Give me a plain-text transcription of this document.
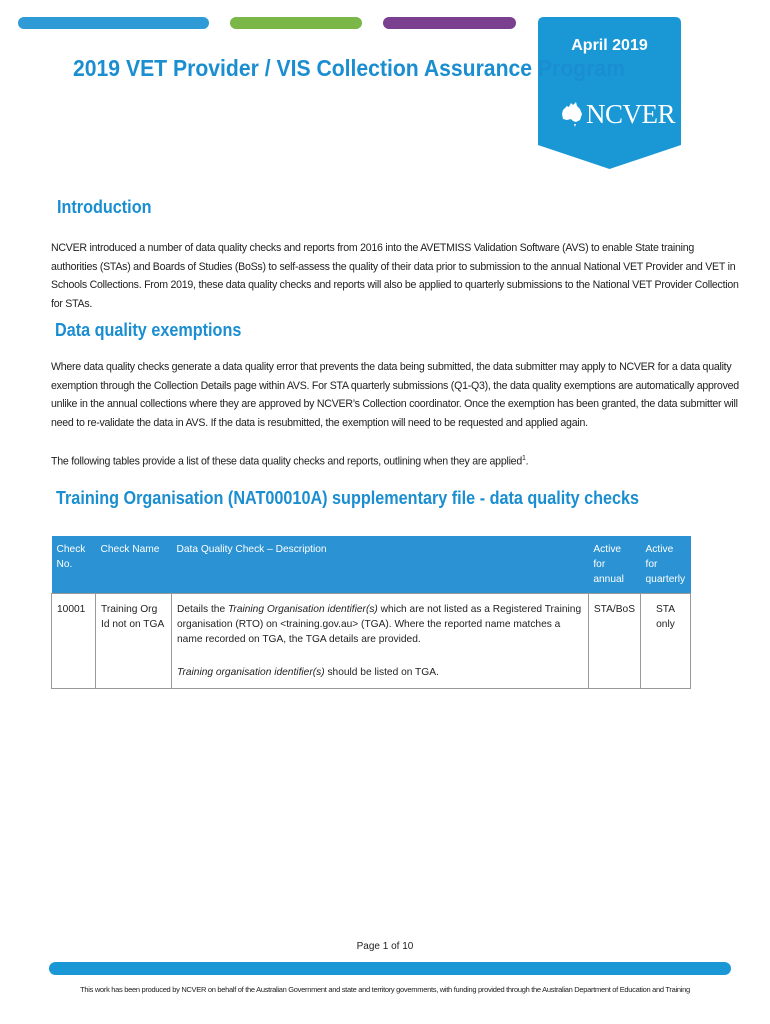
April 2019
NCVER
2019 VET Provider / VIS Collection Assurance Program
Introduction

NCVER introduced a number of data quality checks and reports from 2016 into the AVETMISS Validation Software (AVS) to enable State training authorities (STAs) and Boards of Studies (BoSs) to self-assess the quality of their data prior to submission to the annual National VET Provider and VET in Schools Collections. From 2019, these data quality checks and reports will also be applied to quarterly submissions to the National VET Provider Collection for STAs.

Data quality exemptions

Where data quality checks generate a data quality error that prevents the data being submitted, the data submitter may apply to NCVER for a data quality exemption through the Collection Details page within AVS. For STA quarterly submissions (Q1-Q3), the data quality exemptions are automatically approved unlike in the annual collections where they are approved by NCVER’s Collection coordinator. Once the exemption has been granted, the data submitter will need to re-validate the data in AVS. If the data is resubmitted, the exemption will need to be requested and applied again.

The following tables provide a list of these data quality checks and reports, outlining when they are applied$^1$.

Training Organisation (NAT00010A) supplementary file - data quality checks
Check No.	Check Name	Data Quality Check – Description	Active for annual	Active for quarterly
10001	Training Org Id not on TGA	Details the Training Organisation identifier(s) which are not listed as a Registered Training organisation (RTO) on <training.gov.au> (TGA). Where the reported name matches a name recorded on TGA, the TGA details are provided.
Training organisation identifier(s) should be listed on TGA.	STA/BoS	STA only
Page 1 of 10
This work has been produced by NCVER on behalf of the Australian Government and state and territory governments, with funding provided through the Australian Department of Education and Training
